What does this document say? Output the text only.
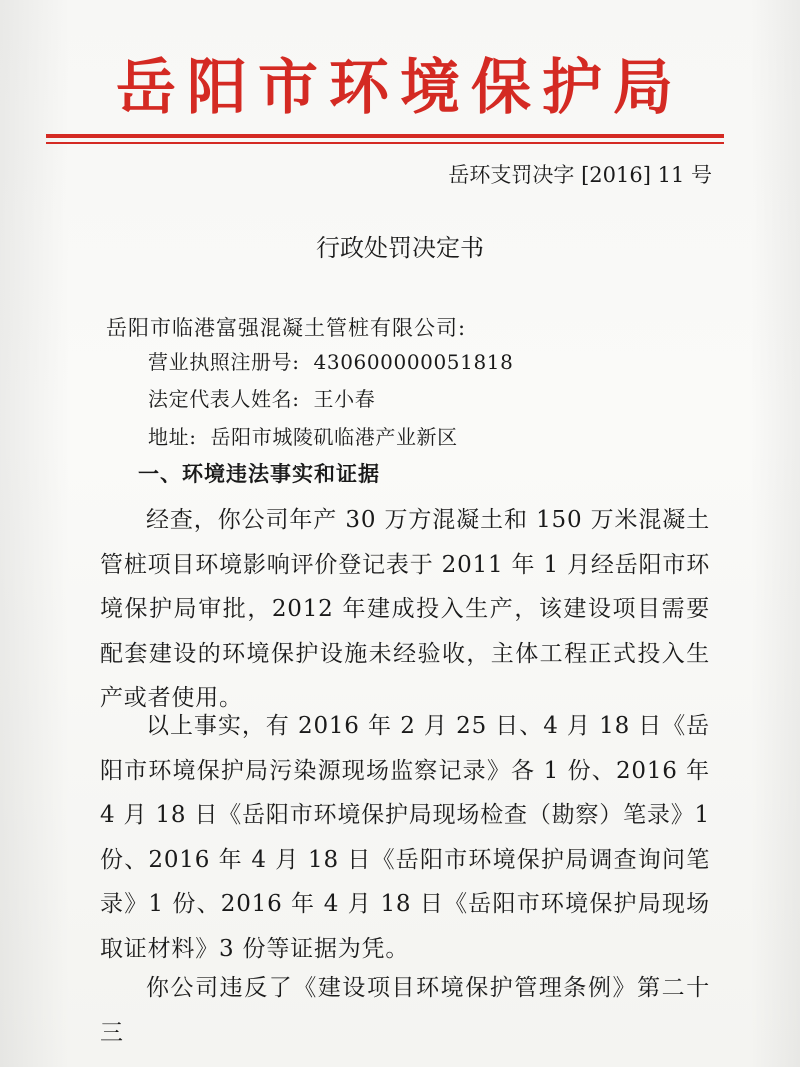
岳阳市环境保护局
岳环支罚决字 [2016] 11 号
行政处罚决定书
岳阳市临港富强混凝土管桩有限公司:
营业执照注册号: 430600000051818
法定代表人姓名: 王小春
地址: 岳阳市城陵矶临港产业新区
一、环境违法事实和证据

经查，你公司年产 30 万方混凝土和 150 万米混凝土管桩项目环境影响评价登记表于 2011 年 1 月经岳阳市环境保护局审批，2012 年建成投入生产，该建设项目需要配套建设的环境保护设施未经验收，主体工程正式投入生产或者使用。

以上事实，有 2016 年 2 月 25 日、4 月 18 日《岳阳市环境保护局污染源现场监察记录》各 1 份、2016 年 4 月 18 日《岳阳市环境保护局现场检查（勘察）笔录》1 份、2016 年 4 月 18 日《岳阳市环境保护局调查询问笔录》1 份、2016 年 4 月 18 日《岳阳市环境保护局现场取证材料》3 份等证据为凭。

你公司违反了《建设项目环境保护管理条例》第二十三
